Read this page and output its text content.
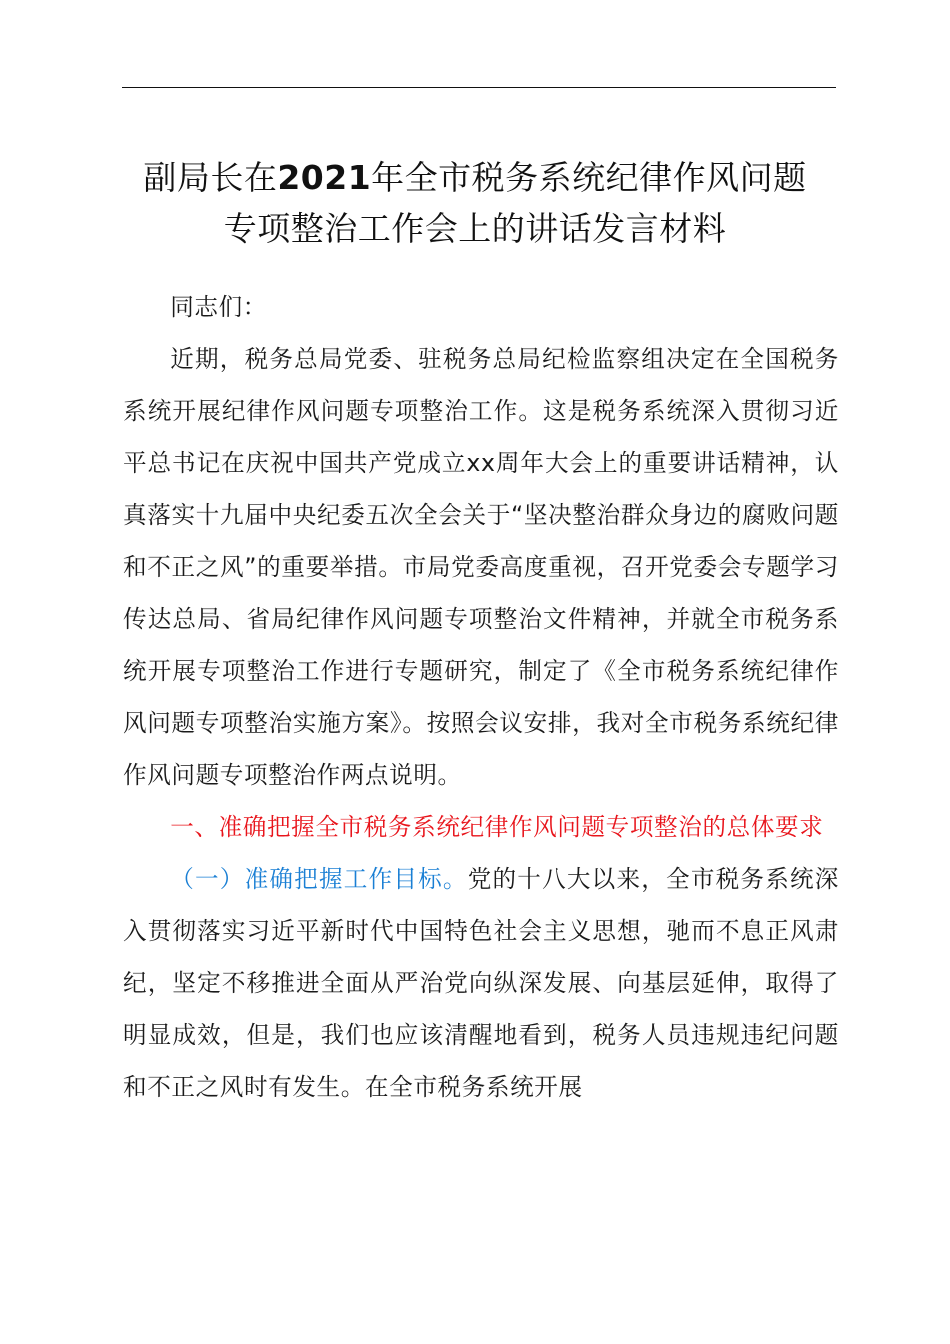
副局长在2021年全市税务系统纪律作风问题
专项整治工作会上的讲话发言材料

同志们：

近期，税务总局党委、驻税务总局纪检监察组决定在全国税务系统开展纪律作风问题专项整治工作。这是税务系统深入贯彻习近平总书记在庆祝中国共产党成立xx周年大会上的重要讲话精神，认真落实十九届中央纪委五次全会关于“坚决整治群众身边的腐败问题和不正之风”的重要举措。市局党委高度重视，召开党委会专题学习传达总局、省局纪律作风问题专项整治文件精神，并就全市税务系统开展专项整治工作进行专题研究，制定了《全市税务系统纪律作风问题专项整治实施方案》。按照会议安排，我对全市税务系统纪律作风问题专项整治作两点说明。

一、准确把握全市税务系统纪律作风问题专项整治的总体要求

（一）准确把握工作目标。党的十八大以来，全市税务系统深入贯彻落实习近平新时代中国特色社会主义思想，驰而不息正风肃纪，坚定不移推进全面从严治党向纵深发展、向基层延伸，取得了明显成效，但是，我们也应该清醒地看到，税务人员违规违纪问题和不正之风时有发生。在全市税务系统开展
